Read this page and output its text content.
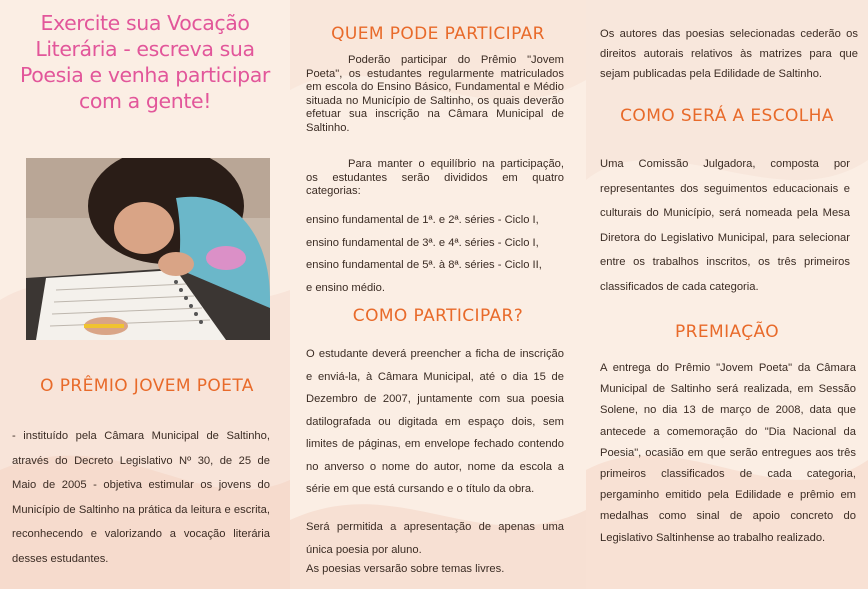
Exercite sua Vocação
Literária - escreva sua
Poesia e venha participar
com a gente!
O PRÊMIO JOVEM POETA
- instituído pela Câmara Municipal de Saltinho, através do Decreto Legislativo Nº 30, de 25 de Maio de 2005 - objetiva estimular os jovens do Município de Saltinho na prática da leitura e escrita, reconhecendo e valorizando a vocação literária desses estudantes.
QUEM PODE PARTICIPAR
Poderão participar do Prêmio "Jovem Poeta", os estudantes regularmente matriculados em escola do Ensino Básico, Fundamental e Médio situada no Município de Saltinho, os quais deverão efetuar sua inscrição na Câmara Municipal de Saltinho.
Para manter o equilíbrio na participação, os estudantes serão divididos em quatro categorias:

ensino fundamental de 1ª. e 2ª. séries - Ciclo I,

ensino fundamental de 3ª. e 4ª. séries - Ciclo I,

ensino fundamental de 5ª. à 8ª. séries - Ciclo II,

e ensino médio.

COMO PARTICIPAR?
O estudante deverá preencher a ficha de inscrição e enviá-la, à Câmara Municipal, até o dia 15 de Dezembro de 2007, juntamente com sua poesia datilografada ou digitada em espaço dois, sem limites de páginas, em envelope fechado contendo no anverso o nome do autor, nome da escola a série em que está cursando e o título da obra.
Será permitida a apresentação de apenas uma única poesia por aluno.
As poesias versarão sobre temas livres.
Os autores das poesias selecionadas cederão os direitos autorais relativos às matrizes para que sejam publicadas pela Edilidade de Saltinho.
COMO SERÁ A ESCOLHA
Uma Comissão Julgadora, composta por representantes dos seguimentos educacionais e culturais do Município, será nomeada pela Mesa Diretora do Legislativo Municipal, para selecionar entre os trabalhos inscritos, os três primeiros classificados de cada categoria.
PREMIAÇÃO
A entrega do Prêmio "Jovem Poeta" da Câmara Municipal de Saltinho será realizada, em Sessão Solene, no dia 13 de março de 2008, data que antecede a comemoração do "Dia Nacional da Poesia", ocasião em que serão entregues aos três primeiros classificados de cada categoria, pergaminho emitido pela Edilidade e prêmio em medalhas como sinal de apoio concreto do Legislativo Saltinhense ao trabalho realizado.
